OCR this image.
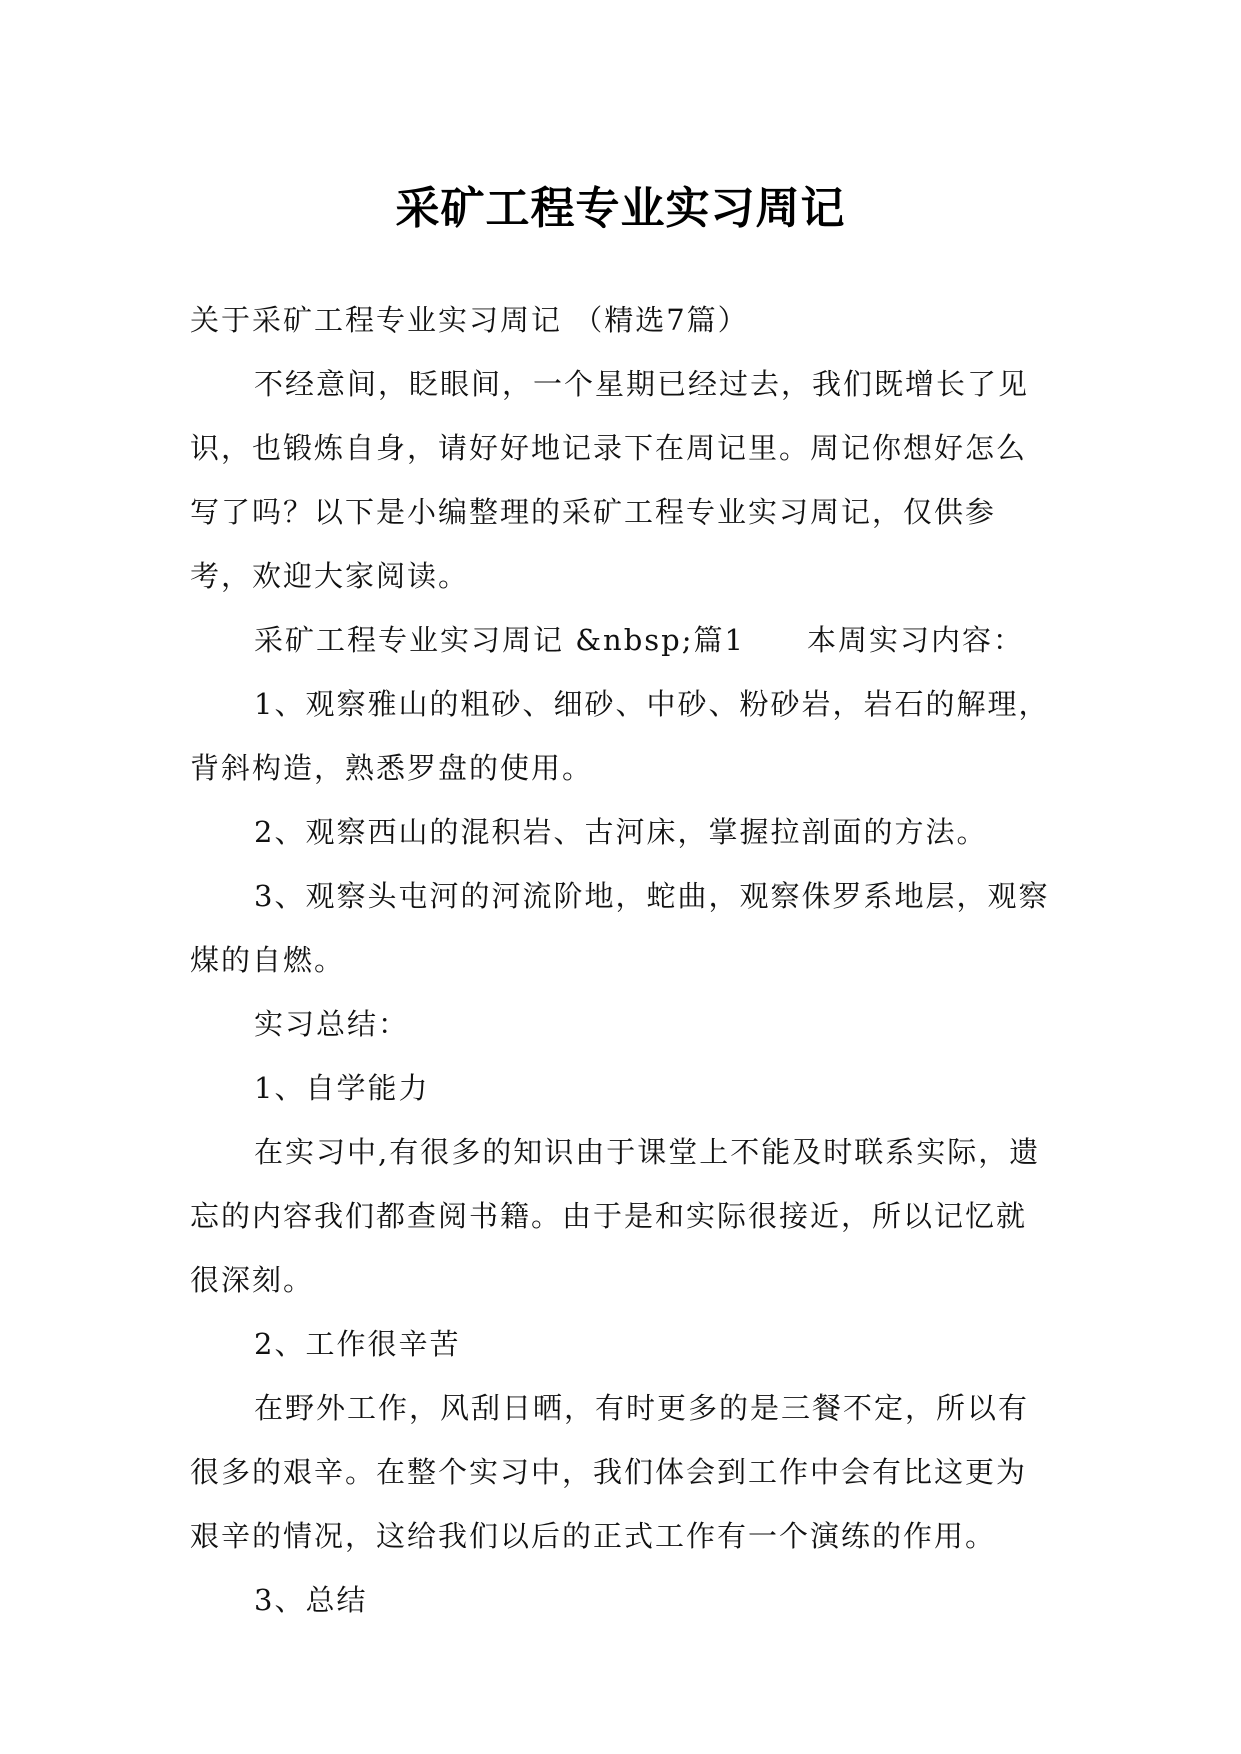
采矿工程专业实习周记

关于采矿工程专业实习周记 （精选7篇）

不经意间，眨眼间，一个星期已经过去，我们既增长了见识，也锻炼自身，请好好地记录下在周记里。周记你想好怎么写了吗？以下是小编整理的采矿工程专业实习周记，仅供参考，欢迎大家阅读。

采矿工程专业实习周记 &nbsp;篇1　　本周实习内容：

1、观察雅山的粗砂、细砂、中砂、粉砂岩，岩石的解理，背斜构造，熟悉罗盘的使用。

2、观察西山的混积岩、古河床，掌握拉剖面的方法。

3、观察头屯河的河流阶地，蛇曲，观察侏罗系地层，观察煤的自燃。

实习总结：

1、自学能力

在实习中,有很多的知识由于课堂上不能及时联系实际，遗忘的内容我们都查阅书籍。由于是和实际很接近，所以记忆就很深刻。

2、工作很辛苦

在野外工作，风刮日晒，有时更多的是三餐不定，所以有很多的艰辛。在整个实习中，我们体会到工作中会有比这更为艰辛的情况，这给我们以后的正式工作有一个演练的作用。

3、总结
